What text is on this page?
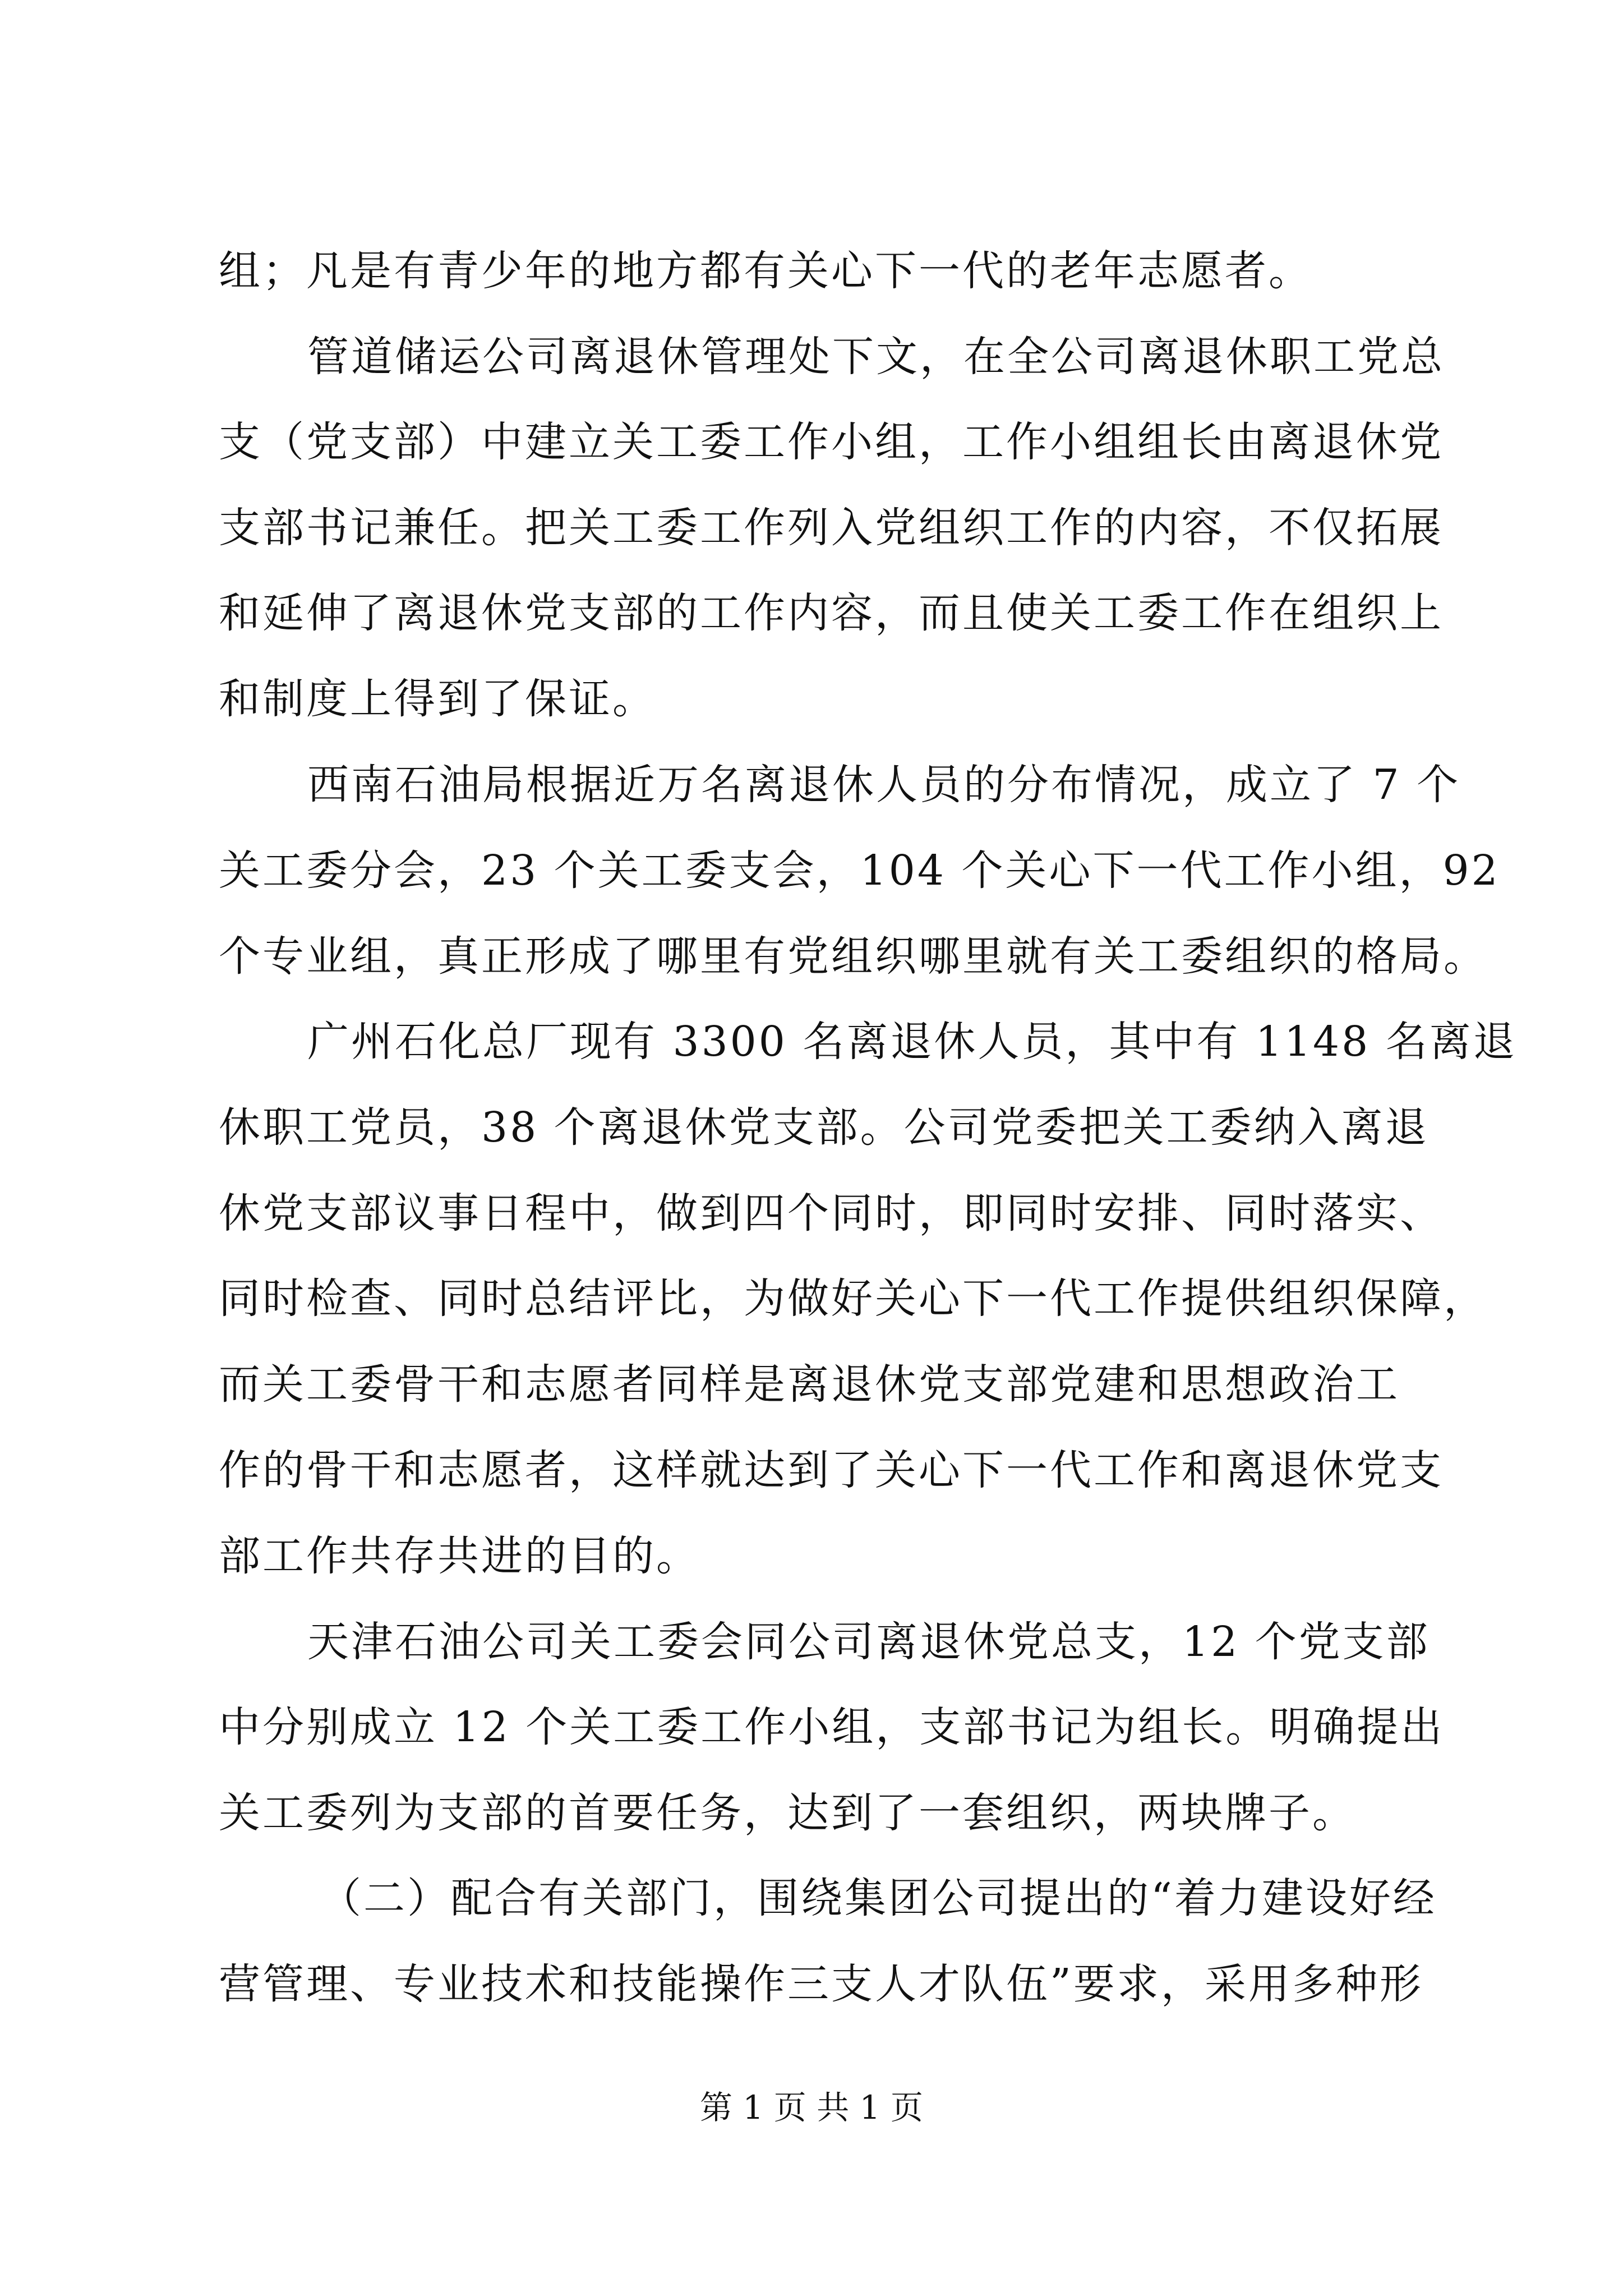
组；凡是有青少年的地方都有关心下一代的老年志愿者。
管道储运公司离退休管理处下文，在全公司离退休职工党总
支（党支部）中建立关工委工作小组，工作小组组长由离退休党
支部书记兼任。把关工委工作列入党组织工作的内容，不仅拓展
和延伸了离退休党支部的工作内容，而且使关工委工作在组织上
和制度上得到了保证。
西南石油局根据近万名离退休人员的分布情况，成立了 7 个
关工委分会，23 个关工委支会，104 个关心下一代工作小组，92
个专业组，真正形成了哪里有党组织哪里就有关工委组织的格局。
广州石化总厂现有 3300 名离退休人员，其中有 1148 名离退
休职工党员，38 个离退休党支部。公司党委把关工委纳入离退
休党支部议事日程中，做到四个同时，即同时安排、同时落实、
同时检查、同时总结评比，为做好关心下一代工作提供组织保障，
而关工委骨干和志愿者同样是离退休党支部党建和思想政治工
作的骨干和志愿者，这样就达到了关心下一代工作和离退休党支
部工作共存共进的目的。
天津石油公司关工委会同公司离退休党总支，12 个党支部
中分别成立 12 个关工委工作小组，支部书记为组长。明确提出
关工委列为支部的首要任务，达到了一套组织，两块牌子。
（二）配合有关部门，围绕集团公司提出的“着力建设好经
营管理、专业技术和技能操作三支人才队伍”要求，采用多种形
第 1 页 共 1 页
